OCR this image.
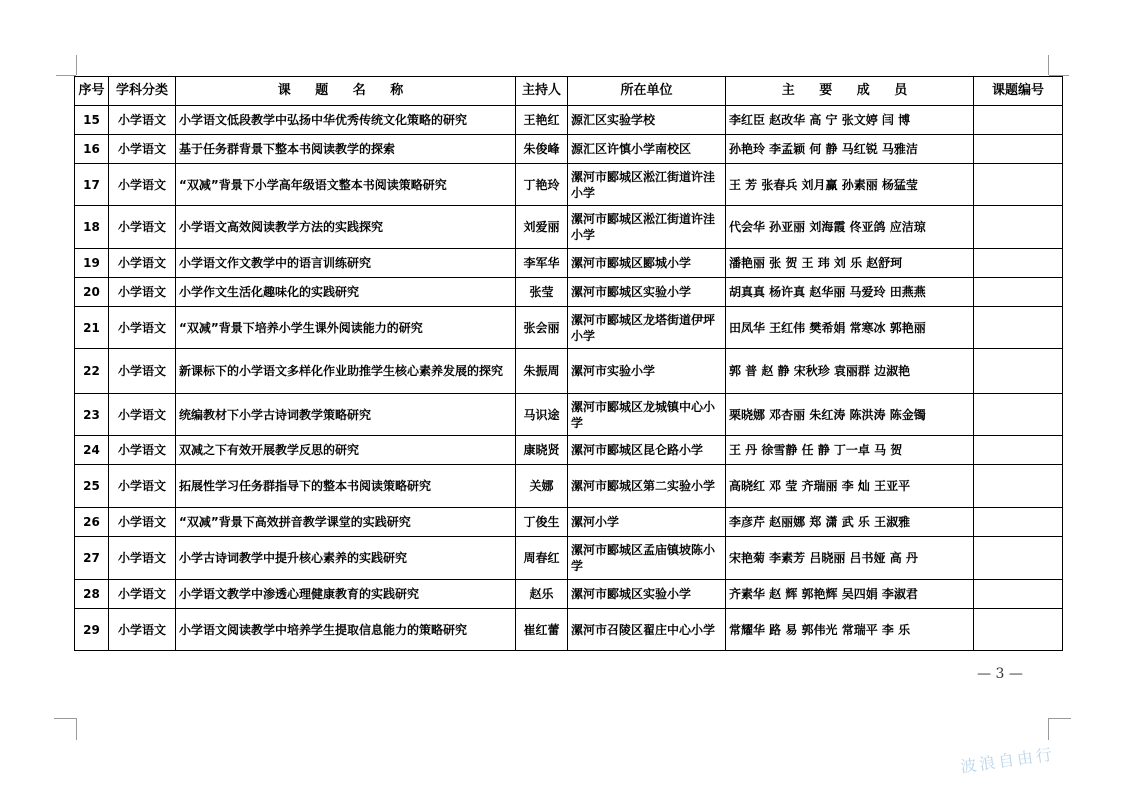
序号	学科分类	课 题 名 称	主持人	所在单位	主 要 成 员	课题编号
15	小学语文	小学语文低段教学中弘扬中华优秀传统文化策略的研究	王艳红	源汇区实验学校	李红臣 赵改华 高 宁 张文婷 闫 博	
16	小学语文	基于任务群背景下整本书阅读教学的探索	朱俊峰	源汇区许慎小学南校区	孙艳玲 李孟颖 何 静 马红锐 马雅洁	
17	小学语文	“双减”背景下小学高年级语文整本书阅读策略研究	丁艳玲	漯河市郾城区淞江街道许洼小学	王 芳 张春兵 刘月赢 孙素丽 杨猛莹	
18	小学语文	小学语文高效阅读教学方法的实践探究	刘爱丽	漯河市郾城区淞江街道许洼小学	代会华 孙亚丽 刘海霞 佟亚鸽 应洁琼	
19	小学语文	小学语文作文教学中的语言训练研究	李军华	漯河市郾城区郾城小学	潘艳丽 张 贺 王 玮 刘 乐 赵舒珂	
20	小学语文	小学作文生活化趣味化的实践研究	张莹	漯河市郾城区实验小学	胡真真 杨许真 赵华丽 马爱玲 田燕燕	
21	小学语文	“双减”背景下培养小学生课外阅读能力的研究	张会丽	漯河市郾城区龙塔街道伊坪小学	田凤华 王红伟 樊希娟 常寒冰 郭艳丽	
22	小学语文	新课标下的小学语文多样化作业助推学生核心素养发展的探究	朱振周	漯河市实验小学	郭 普 赵 静 宋秋珍 袁丽群 边淑艳	
23	小学语文	统编教材下小学古诗词教学策略研究	马识途	漯河市郾城区龙城镇中心小学	栗晓娜 邓杏丽 朱红涛 陈洪涛 陈金镯	
24	小学语文	双减之下有效开展教学反思的研究	康晓贤	漯河市郾城区昆仑路小学	王 丹 徐雪静 任 静 丁一卓 马 贺	
25	小学语文	拓展性学习任务群指导下的整本书阅读策略研究	关娜	漯河市郾城区第二实验小学	高晓红 邓 莹 齐瑞丽 李 灿 王亚平	
26	小学语文	“双减”背景下高效拼音教学课堂的实践研究	丁俊生	漯河小学	李彦芹 赵丽娜 郑 潇 武 乐 王淑雅	
27	小学语文	小学古诗词教学中提升核心素养的实践研究	周春红	漯河市郾城区孟庙镇坡陈小学	宋艳菊 李素芳 吕晓丽 吕书娅 高 丹	
28	小学语文	小学语文教学中渗透心理健康教育的实践研究	赵乐	漯河市郾城区实验小学	齐素华 赵 辉 郭艳辉 吴四娟 李淑君	
29	小学语文	小学语文阅读教学中培养学生提取信息能力的策略研究	崔红蕾	漯河市召陵区翟庄中心小学	常耀华 路 易 郭伟光 常瑞平 李 乐	
— 3 —
波浪自由行
